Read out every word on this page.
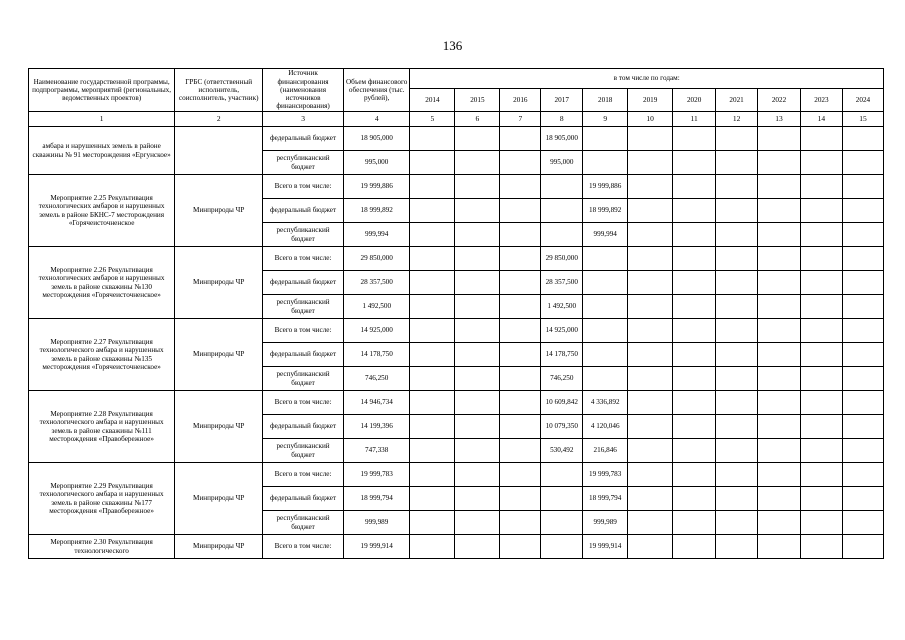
136
Наименование государственной программы, подпрограммы, мероприятий (региональных, ведомственных проектов)	ГРБС (ответственный исполнитель, соисполнитель, участник)	Источник финансирования (наименования источников финансирования)	Объем финансового обеспечения (тыс. рублей),	в том числе по годам:										
				2014	2015	2016	2017	2018	2019	2020	2021	2022	2023	2024
1	2	3	4	5	6	7	8	9	10	11	12	13	14	15
амбара и нарушенных земель в районе скважины № 91 месторождения «Ергунское»		федеральный бюджет	18 905,000				18 905,000							
		республиканский бюджет	995,000				995,000							
Мероприятие 2.25 Рекультивация технологических амбаров и нарушенных земель в районе БКНС-7 месторождения «Горячеисточненское	Минприроды ЧР	Всего в том числе:	19 999,886					19 999,886						
		федеральный бюджет	18 999,892					18 999,892						
		республиканский бюджет	999,994					999,994						
Мероприятие 2.26 Рекультивация технологических амбаров и нарушенных земель в районе скважины №130 месторождения «Горячеисточненское»	Минприроды ЧР	Всего в том числе:	29 850,000				29 850,000							
		федеральный бюджет	28 357,500				28 357,500							
		республиканский бюджет	1 492,500				1 492,500							
Мероприятие 2.27 Рекультивация технологического амбара и нарушенных земель в районе скважины №135 месторождения «Горячеисточненское»	Минприроды ЧР	Всего в том числе:	14 925,000				14 925,000							
		федеральный бюджет	14 178,750				14 178,750							
		республиканский бюджет	746,250				746,250							
Мероприятие 2.28 Рекультивация технологического амбара и нарушенных земель в районе скважины №111 месторождения «Правобережное»	Минприроды ЧР	Всего в том числе:	14 946,734				10 609,842	4 336,892						
		федеральный бюджет	14 199,396				10 079,350	4 120,046						
		республиканский бюджет	747,338				530,492	216,846						
Мероприятие 2.29 Рекультивация технологического амбара и нарушенных земель в районе скважины №177 месторождения «Правобережное»	Минприроды ЧР	Всего в том числе:	19 999,783					19 999,783						
		федеральный бюджет	18 999,794					18 999,794						
		республиканский бюджет	999,989					999,989						
Мероприятие 2.30 Рекультивация технологического	Минприроды ЧР	Всего в том числе:	19 999,914					19 999,914						
